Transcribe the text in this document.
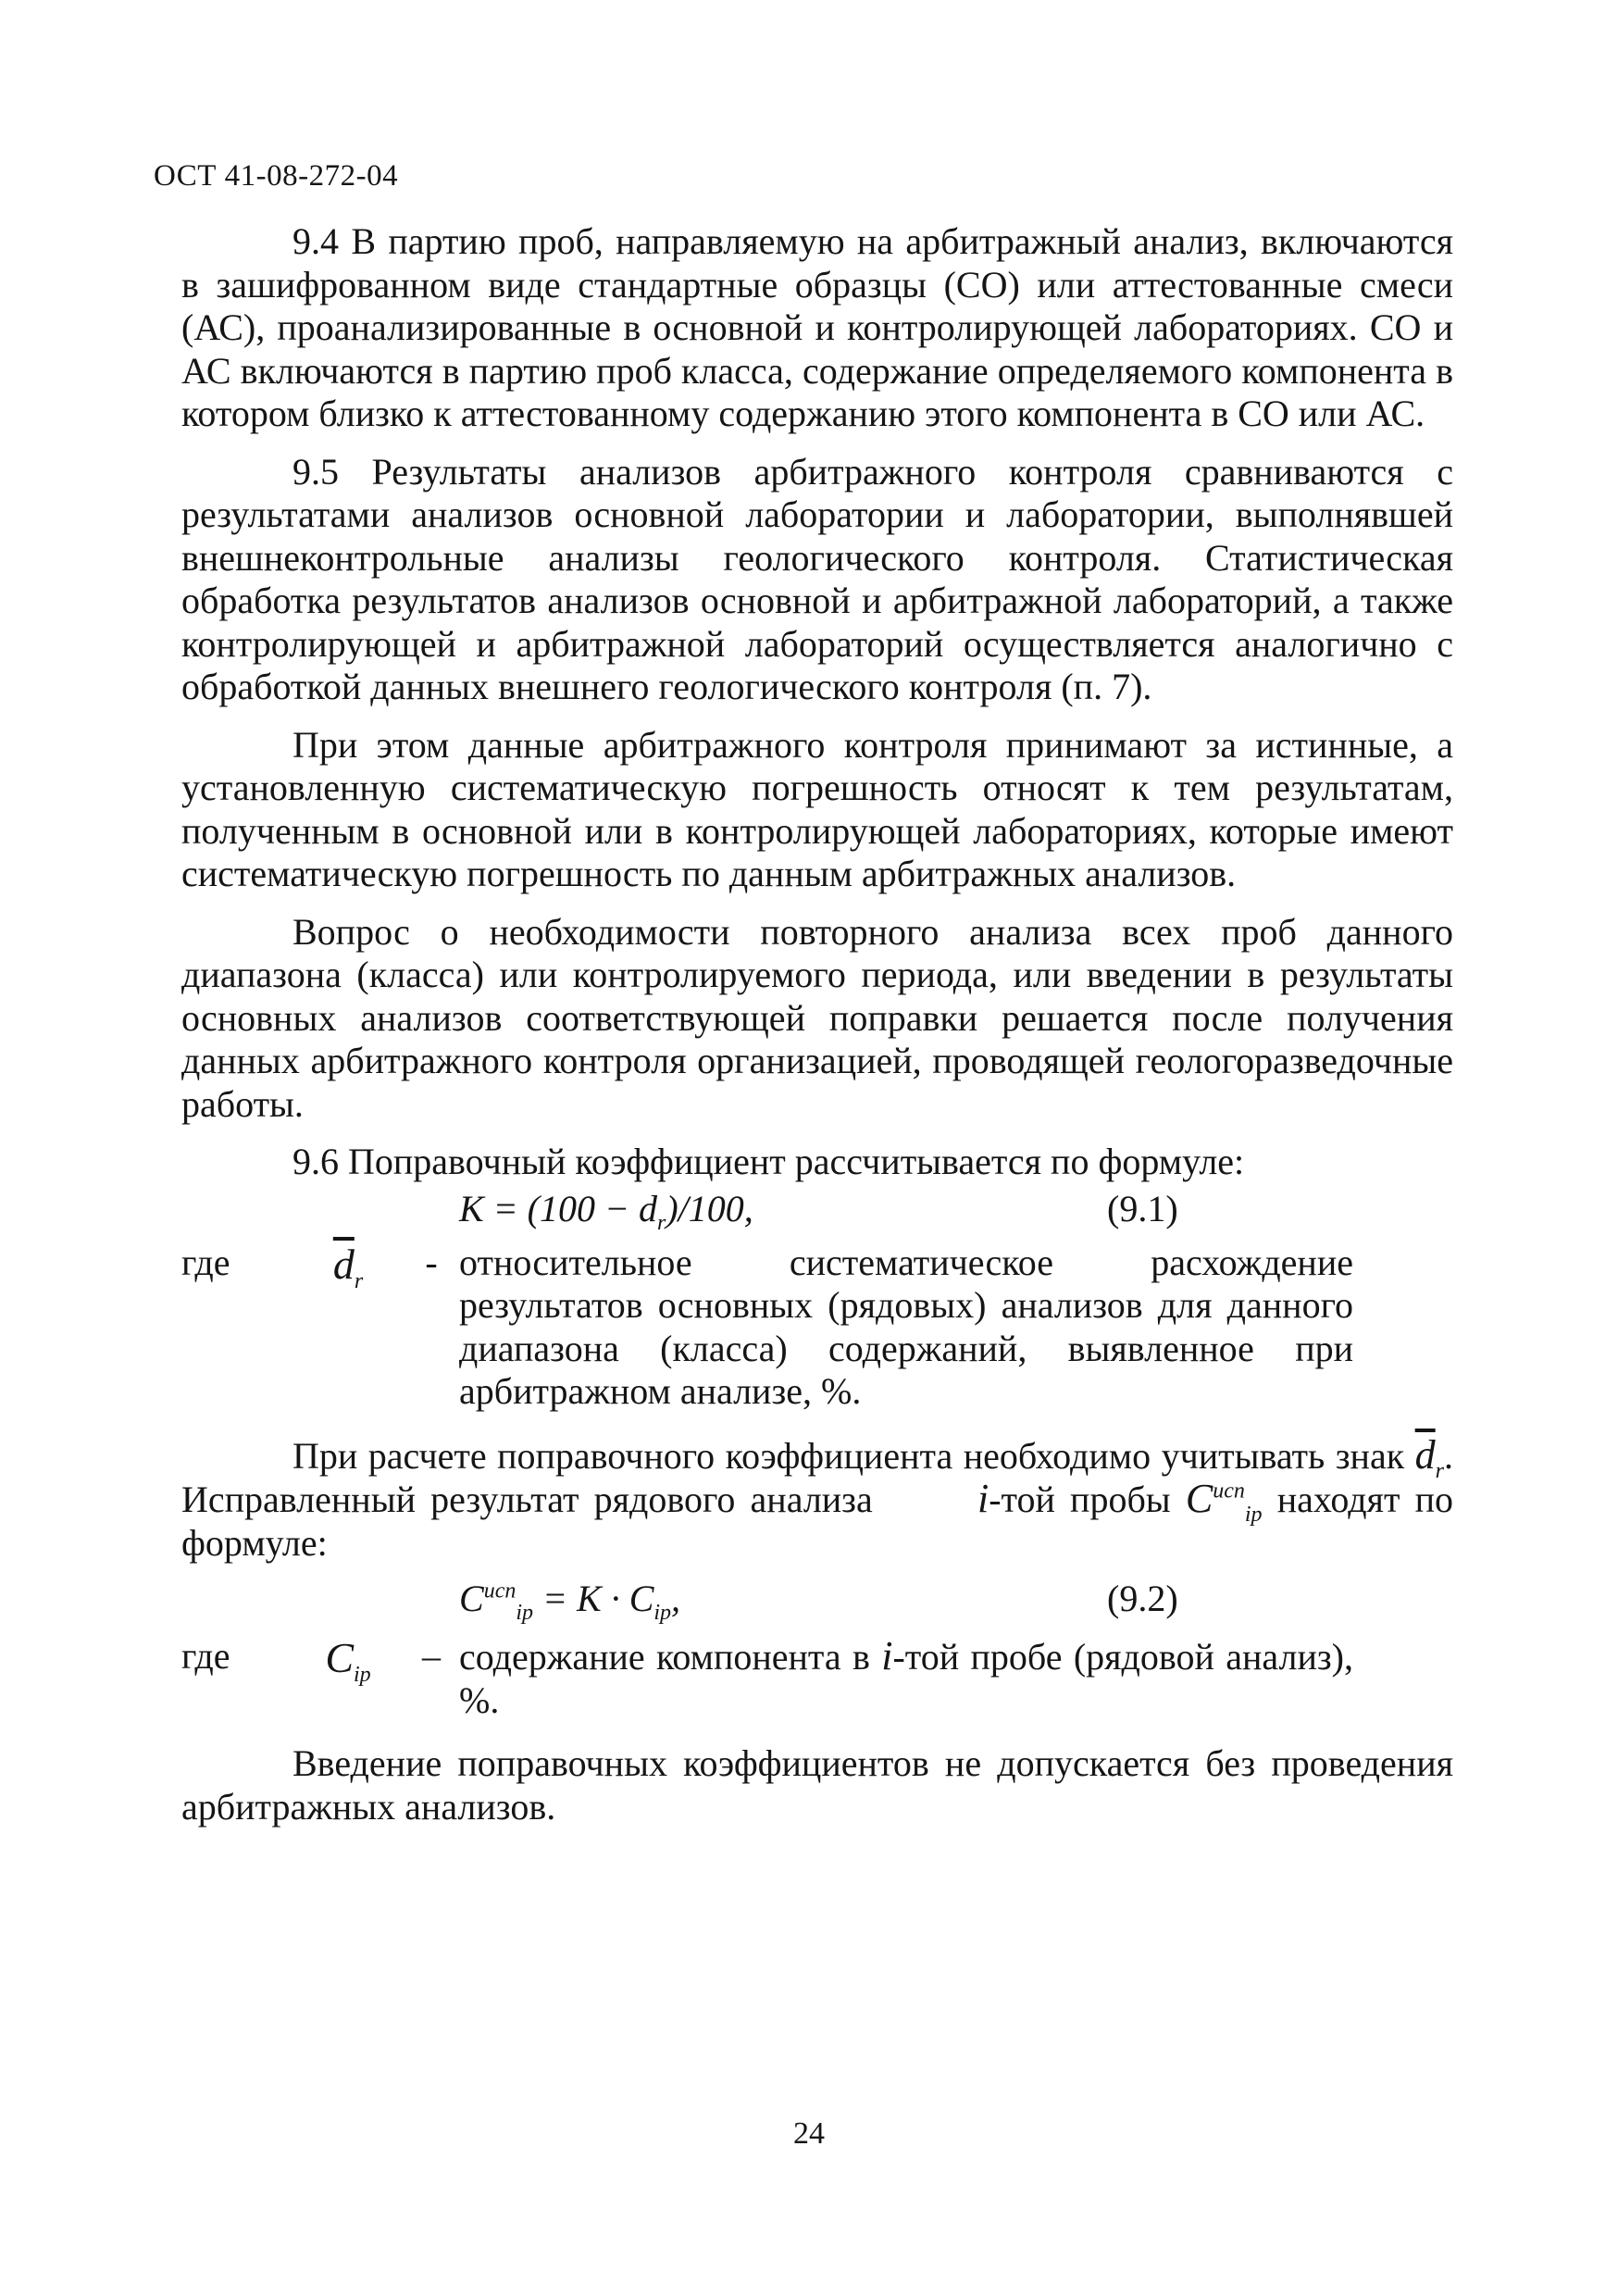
ОСТ 41-08-272-04

9.4 В партию проб, направляемую на арбитражный анализ, включаются в зашифрованном виде стандартные образцы (СО) или аттестованные смеси (АС), проанализированные в основной и контролирующей лабораториях. СО и АС включаются в партию проб класса, содержание определяемого компонента в котором близко к аттестованному содержанию этого компонента в СО или АС.

9.5 Результаты анализов арбитражного контроля сравниваются с результатами анализов основной лаборатории и лаборатории, выполнявшей внешнеконтрольные анализы геологического контроля. Статистическая обработка результатов анализов основной и арбитражной лабораторий, а также контролирующей и арбитражной лабораторий осуществляется аналогично с обработкой данных внешнего геологического контроля (п. 7).

При этом данные арбитражного контроля принимают за истинные, а установленную систематическую погрешность относят к тем результатам, полученным в основной или в контролирующей лабораториях, которые имеют систематическую погрешность по данным арбитражных анализов.

Вопрос о необходимости повторного анализа всех проб данного диапазона (класса) или контролируемого периода, или введении в результаты основных анализов соответствующей поправки решается после получения данных арбитражного контроля организацией, проводящей геологоразведочные работы.

9.6 Поправочный коэффициент рассчитывается по формуле:

$K = (100 - d_r)/100$,	(9.1)
где	$\overline{d}_r$	- относительное систематическое расхождение результатов основных (рядовых) анализов для данного диапазона (класса) содержаний, выявленное при арбитражном анализе, %.

При расчете поправочного коэффициента необходимо учитывать знак $\overline{d}_r$. Исправленный результат рядового анализа	i-той пробы $C^{исп}_{ip}$ находят по формуле:

$C^{исп}_{ip} = K \cdot C_{ip}$,	(9.2)
где	$C_{ip}$	– содержание компонента в i-той пробе (рядовой анализ), %.

Введение поправочных коэффициентов не допускается без проведения арбитражных анализов.

24
